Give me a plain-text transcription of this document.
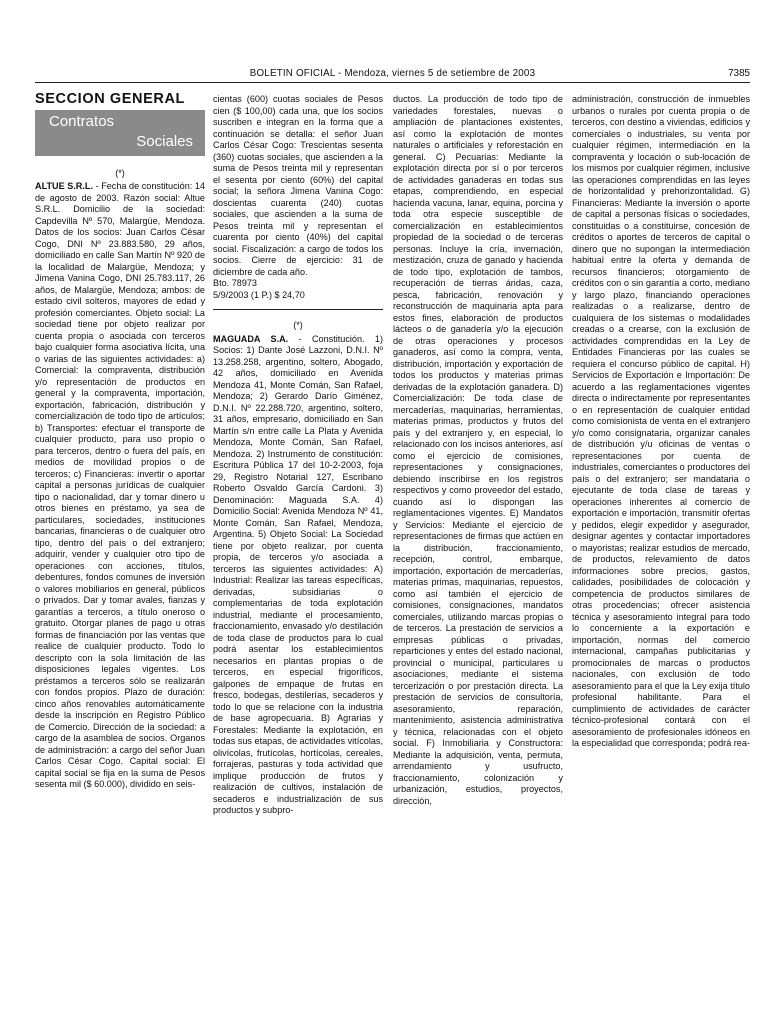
BOLETIN OFICIAL - Mendoza, viernes 5 de setiembre de 2003	7385
SECCION GENERAL
Contratos
Sociales
(*)

ALTUE S.R.L. - Fecha de constitución: 14 de agosto de 2003. Razón social: Altue S.R.L. Domicilio de la sociedad: Capdevilla Nº 570, Malargüe, Mendoza. Datos de los socios: Juan Carlos César Cogo, DNI Nº 23.883.580, 29 años, domiciliado en calle San Martín Nº 920 de la localidad de Malargüe, Mendoza; y Jimena Vanina Cogo, DNI 25.783.117, 26 años, de Malargüe, Mendoza; ambos: de estado civil solteros, mayores de edad y profesión comerciantes. Objeto social: La sociedad tiene por objeto realizar por cuenta propia o asociada con terceros bajo cualquier forma asociativa lícita, una o varias de las siguientes actividades: a) Comercial: la compraventa, distribución y/o representación de productos en general y la compraventa, importación, exportación, fabricación, distribución y comercialización de todo tipo de artículos; b) Transportes: efectuar el transporte de cualquier producto, para uso propio o para terceros, dentro o fuera del país, en medios de movilidad propios o de terceros; c) Financieras: invertir o aportar capital a personas jurídicas de cualquier tipo o nacionalidad, dar y tomar dinero u otros bienes en préstamo, ya sea de particulares, sociedades, instituciones bancarias, financieras o de cualquier otro tipo, dentro del país o del extranjero; adquirir, vender y cualquier otro tipo de operaciones con acciones, títulos, debentures, fondos comunes de inversión o valores mobiliarios en general, públicos o privados. Dar y tomar avales, fianzas y garantías a terceros, a título oneroso o gratuito. Otorgar planes de pago u otras formas de financiación por las ventas que realice de cualquier producto. Todo lo descripto con la sola limitación de las disposiciones legales vigentes. Los préstamos a terceros sólo se realizarán con fondos propios. Plazo de duración: cinco años renovables automáticamente desde la inscripción en Registro Público de Comercio. Dirección de la sociedad: a cargo de la asamblea de socios. Organos de administración: a cargo del señor Juan Carlos César Cogo. Capital social: El capital social se fija en la suma de Pesos sesenta mil ($ 60.000), dividido en seis-

cientas (600) cuotas sociales de Pesos cien ($ 100,00) cada una, que los socios suscriben e integran en la forma que a continuación se detalla: el señor Juan Carlos César Cogo: Trescientas sesenta (360) cuotas sociales, que ascienden a la suma de Pesos treinta mil y representan el sesenta por ciento (60%) del capital social; la señora Jimena Vanina Cogo: doscientas cuarenta (240) cuotas sociales, que ascienden a la suma de Pesos treinta mil y representan el cuarenta por ciento (40%) del capital social. Fiscalización: a cargo de todos los socios. Cierre de ejercicio: 31 de diciembre de cada año.

Bto. 78973

5/9/2003 (1 P.) $ 24,70

(*)

MAGUADA S.A. - Constitución. 1) Socios: 1) Dante José Lazzoni, D.N.I. Nº 13.258.258, argentino, soltero, Abogado, 42 años, domiciliado en Avenida Mendoza 41, Monte Comán, San Rafael, Mendoza; 2) Gerardo Darío Giménez, D.N.I. Nº 22.288.720, argentino, soltero, 31 años, empresario, domiciliado en San Martín s/n entre calle La Plata y Avenida Mendoza, Monte Comán, San Rafael, Mendoza. 2) Instrumento de constitución: Escritura Pública 17 del 10-2-2003, foja 29, Registro Notarial 127, Escribano Roberto Osvaldo García Cardoni. 3) Denominación: Maguada S.A. 4) Domicilio Social: Avenida Mendoza Nº 41, Monte Comán, San Rafael, Mendoza, Argentina. 5) Objeto Social: La Sociedad tiene por objeto realizar, por cuenta propia, de terceros y/o asociada a terceros las siguientes actividades: A) Industrial: Realizar las tareas específicas, derivadas, subsidiarias o complementarias de toda explotación industrial, mediante el procesamiento, fraccionamiento, envasado y/o destilación de toda clase de productos para lo cual podrá asentar los establecimientos necesarios en plantas propias o de terceros, en especial frigoríficos, galpones de empaque de frutas en fresco, bodegas, destilerías, secaderos y todo lo que se relacione con la industria de base agropecuaria. B) Agrarias y Forestales: Mediante la explotación, en todas sus etapas, de actividades vitícolas, olivícolas, frutícolas, hortícolas, cereales, forrajeras, pasturas y toda actividad que implique producción de frutos y realización de cultivos, instalación de secaderos e industrialización de sus productos y subpro-

ductos. La producción de todo tipo de variedades forestales, nuevas o ampliación de plantaciones existentes, así como la explotación de montes naturales o artificiales y reforestación en general. C) Pecuarias: Mediante la explotación directa por sí o por terceros de actividades ganaderas en todas sus etapas, comprendiendo, en especial hacienda vacuna, lanar, equina, porcina y toda otra especie susceptible de comercialización en establecimientos propiedad de la sociedad o de terceras personas. Incluye la cría, invernación, mestización, cruza de ganado y hacienda de todo tipo, explotación de tambos, recuperación de tierras áridas, caza, pesca, fabricación, renovación y reconstrucción de maquinaria apta para estos fines, elaboración de productos lácteos o de ganadería y/o la ejecución de otras operaciones y procesos ganaderos, así como la compra, venta, distribución, importación y exportación de todos los productos y materias primas derivadas de la explotación ganadera. D) Comercialización: De toda clase de mercaderías, maquinarias, herramientas, materias primas, productos y frutos del país y del extranjero y, en especial, lo relacionado con los incisos anteriores, así como el ejercicio de comisiones, representaciones y consignaciones, debiendo inscribirse en los registros respectivos y como proveedor del estado, cuando así lo dispongan las reglamentaciones vigentes. E) Mandatos y Servicios: Mediante el ejercicio de representaciones de firmas que actúen en la distribución, fraccionamiento, recepción, control, embarque, importación, exportación de mercaderías, materias primas, maquinarias, repuestos, como así también el ejercicio de comisiones, consignaciones, mandatos comerciales, utilizando marcas propias o de terceros. La prestación de servicios a empresas públicas o privadas, reparticiones y entes del estado nacional, provincial o municipal, particulares u asociaciones, mediante el sistema tercerización o por prestación directa. La prestación de servicios de consultoría, asesoramiento, reparación, mantenimiento, asistencia administrativa y técnica, relacionadas con el objeto social. F) Inmobiliaria y Constructora: Mediante la adquisición, venta, permuta, arrendamiento y usufructo, fraccionamiento, colonización y urbanización, estudios, proyectos, dirección,

administración, construcción de inmuebles urbanos o rurales por cuenta propia o de terceros, con destino a viviendas, edificios y comerciales o industriales, su venta por cualquier régimen, intermediación en la compraventa y locación o sub-locación de los mismos por cualquier régimen, inclusive las operaciones comprendidas en las leyes de horizontalidad y prehorizontalidad. G) Financieras: Mediante la inversión o aporte de capital a personas físicas o sociedades, constituidas o a constituirse, concesión de créditos o aportes de terceros de capital o dinero que no supongan la intermediación habitual entre la oferta y demanda de recursos financieros; otorgamiento de créditos con o sin garantía a corto, mediano y largo plazo, financiando operaciones realizadas o a realizarse, dentro de cualquiera de los sistemas o modalidades creadas o a crearse, con la exclusión de actividades comprendidas en la Ley de Entidades Financieras por las cuales se requiera el concurso público de capital. H) Servicios de Exportación e Importación: De acuerdo a las reglamentaciones vigentes directa o indirectamente por representantes o en representación de cualquier entidad como comisionista de venta en el extranjero y/o como consignataria, organizar canales de distribución y/u oficinas de ventas o representaciones por cuenta de industriales, comerciantes o productores del país o del extranjero; ser mandataria o ejecutante de toda clase de tareas y operaciones inherentes al comercio de exportación e importación, transmitir ofertas y pedidos, elegir expedidor y asegurador, designar agentes y contactar importadores o mayoristas; realizar estudios de mercado, de productos, relevamiento de datos informaciones sobre precios, gastos, calidades, posibilidades de colocación y competencia de productos similares de otras procedencias; ofrecer asistencia técnica y asesoramiento integral para todo lo concerniente a la exportación e importación, normas del comercio internacional, campañas publicitarias y promocionales de marcas o productos nacionales, con exclusión de todo asesoramiento para el que la Ley exija título profesional habilitante. Para el cumplimiento de actividades de carácter técnico-profesional contará con el asesoramiento de profesionales idóneos en la especialidad que corresponda; podrá rea-
